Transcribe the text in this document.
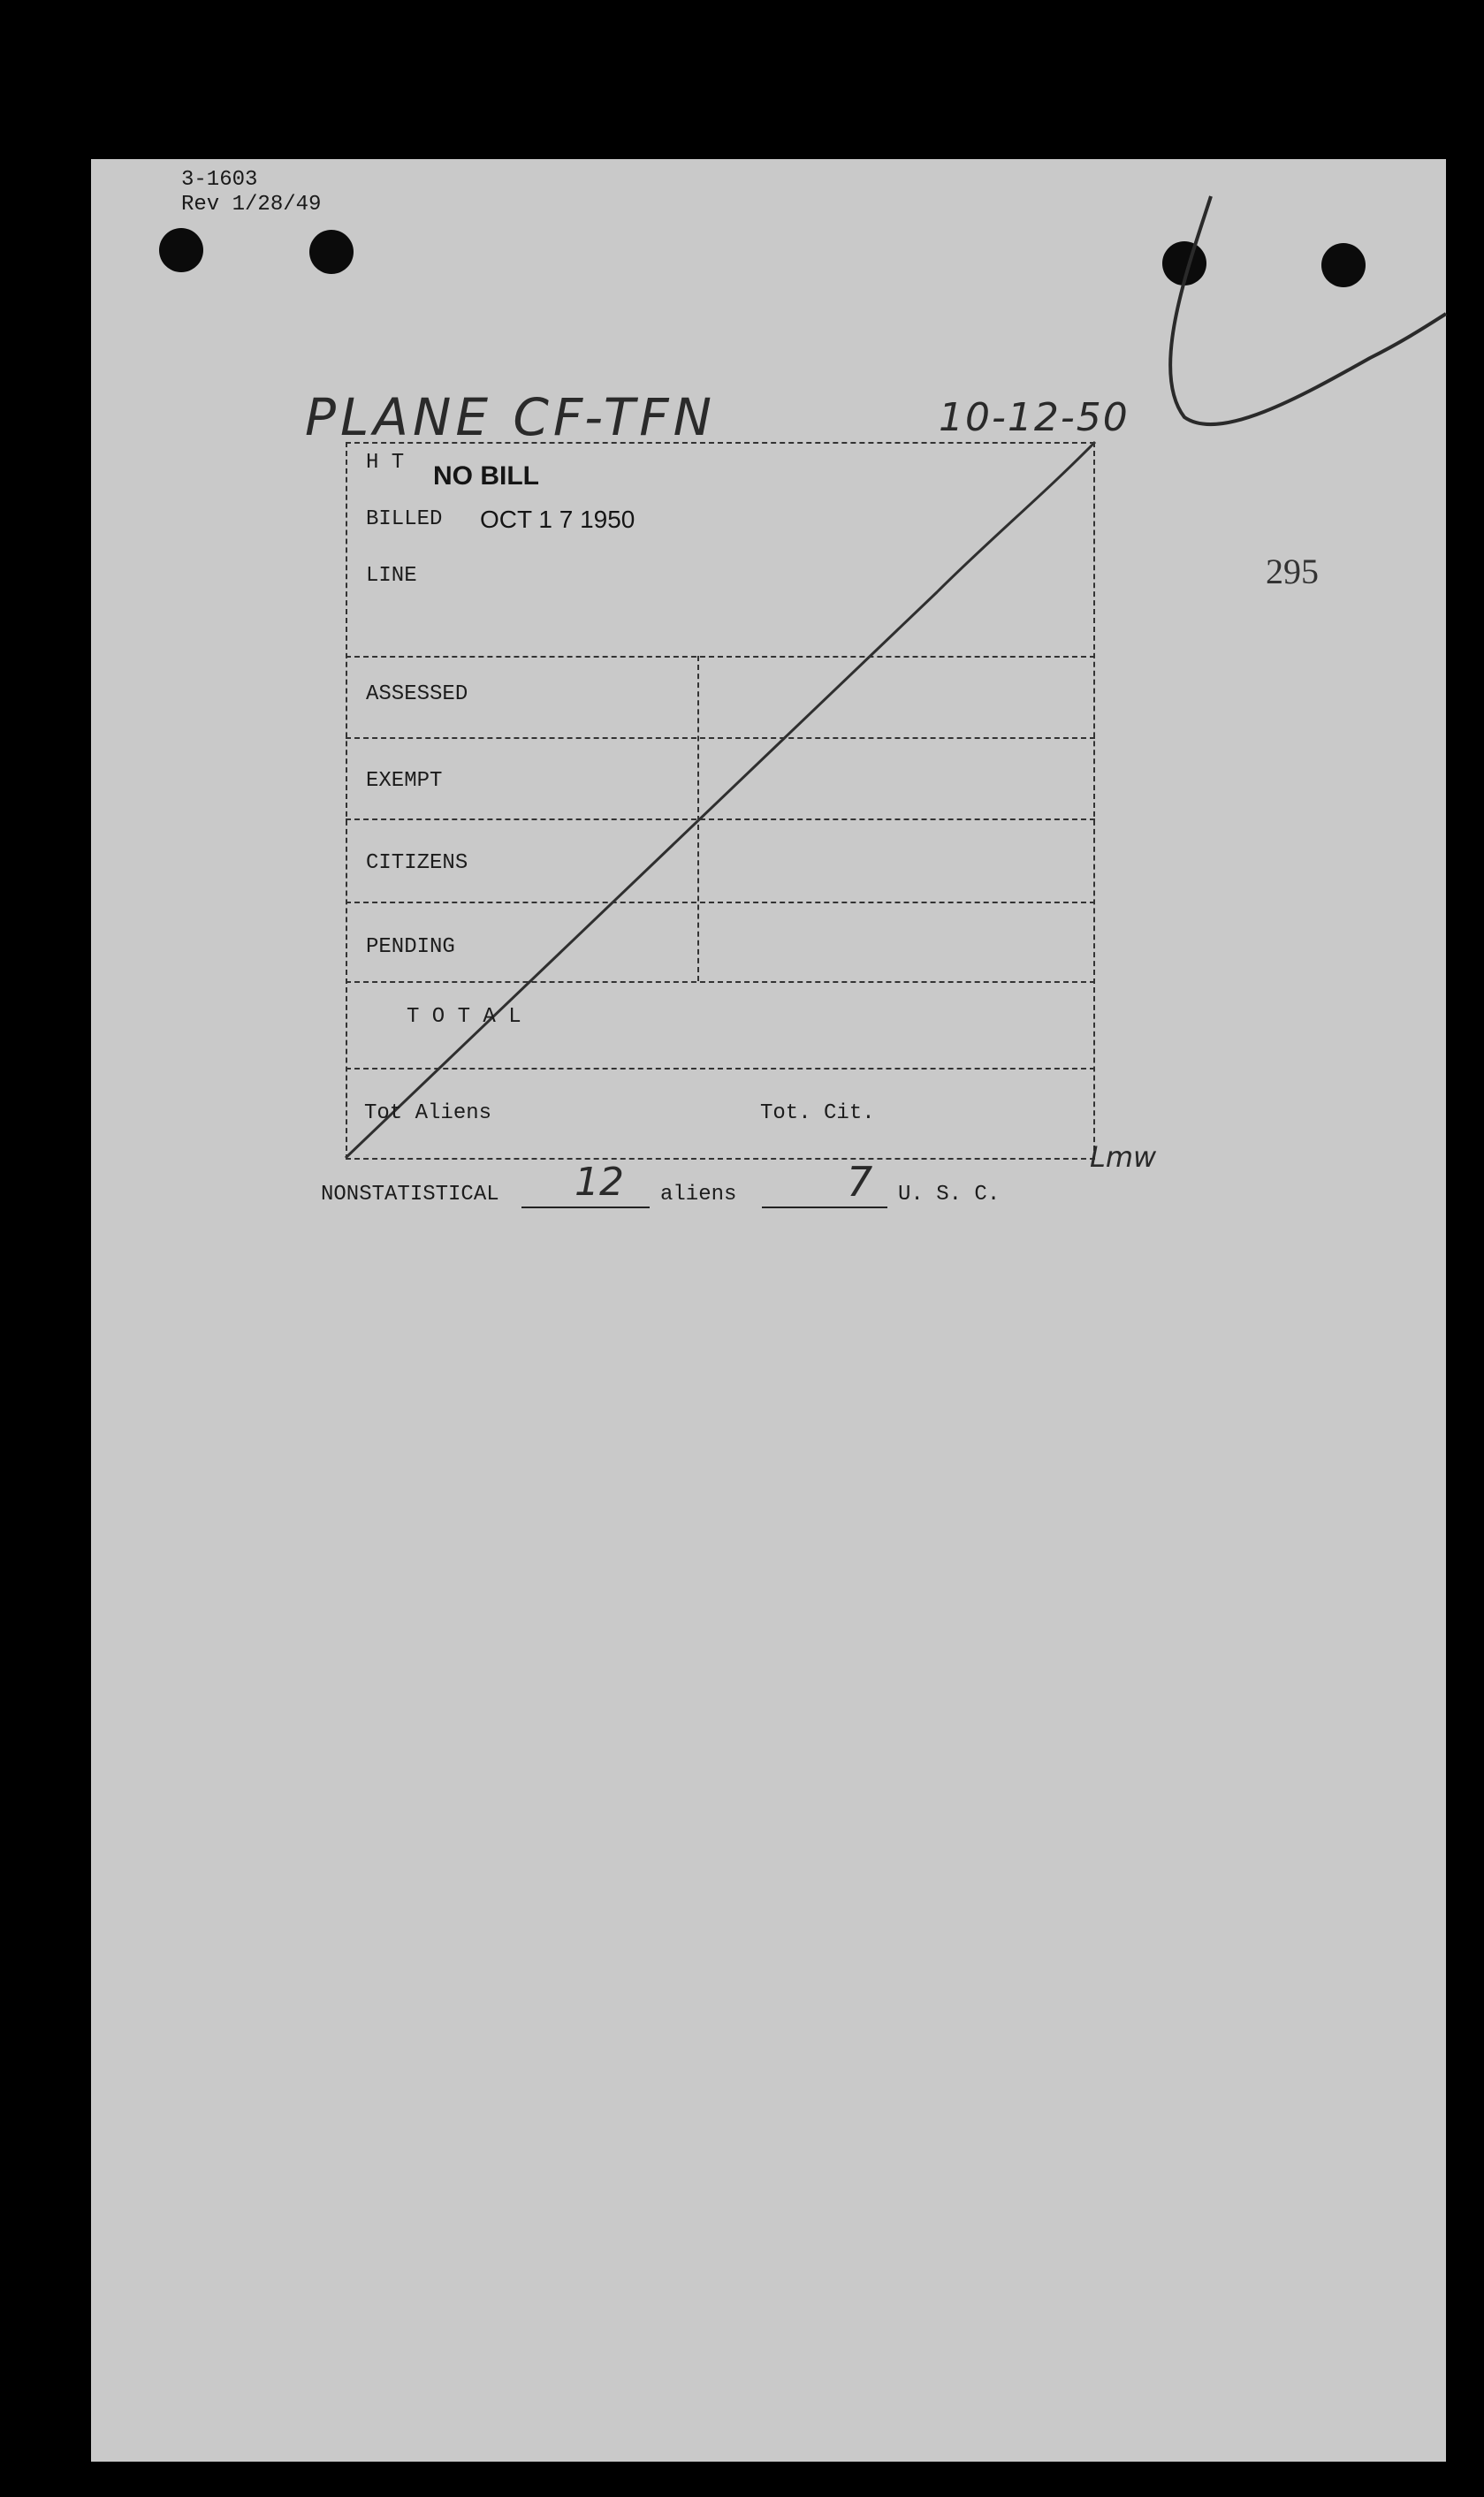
3-1603
Rev 1/28/49
PLANE CF-TFN	10-12-50
295
H T NO BILL
BILLED OCT 1 7 1950
LINE
ASSESSED
EXEMPT
CITIZENS
PENDING
T O T A L
Tot Aliens	Tot. Cit.
Lmw
NONSTATISTICAL 12 aliens	7 U. S. C.
